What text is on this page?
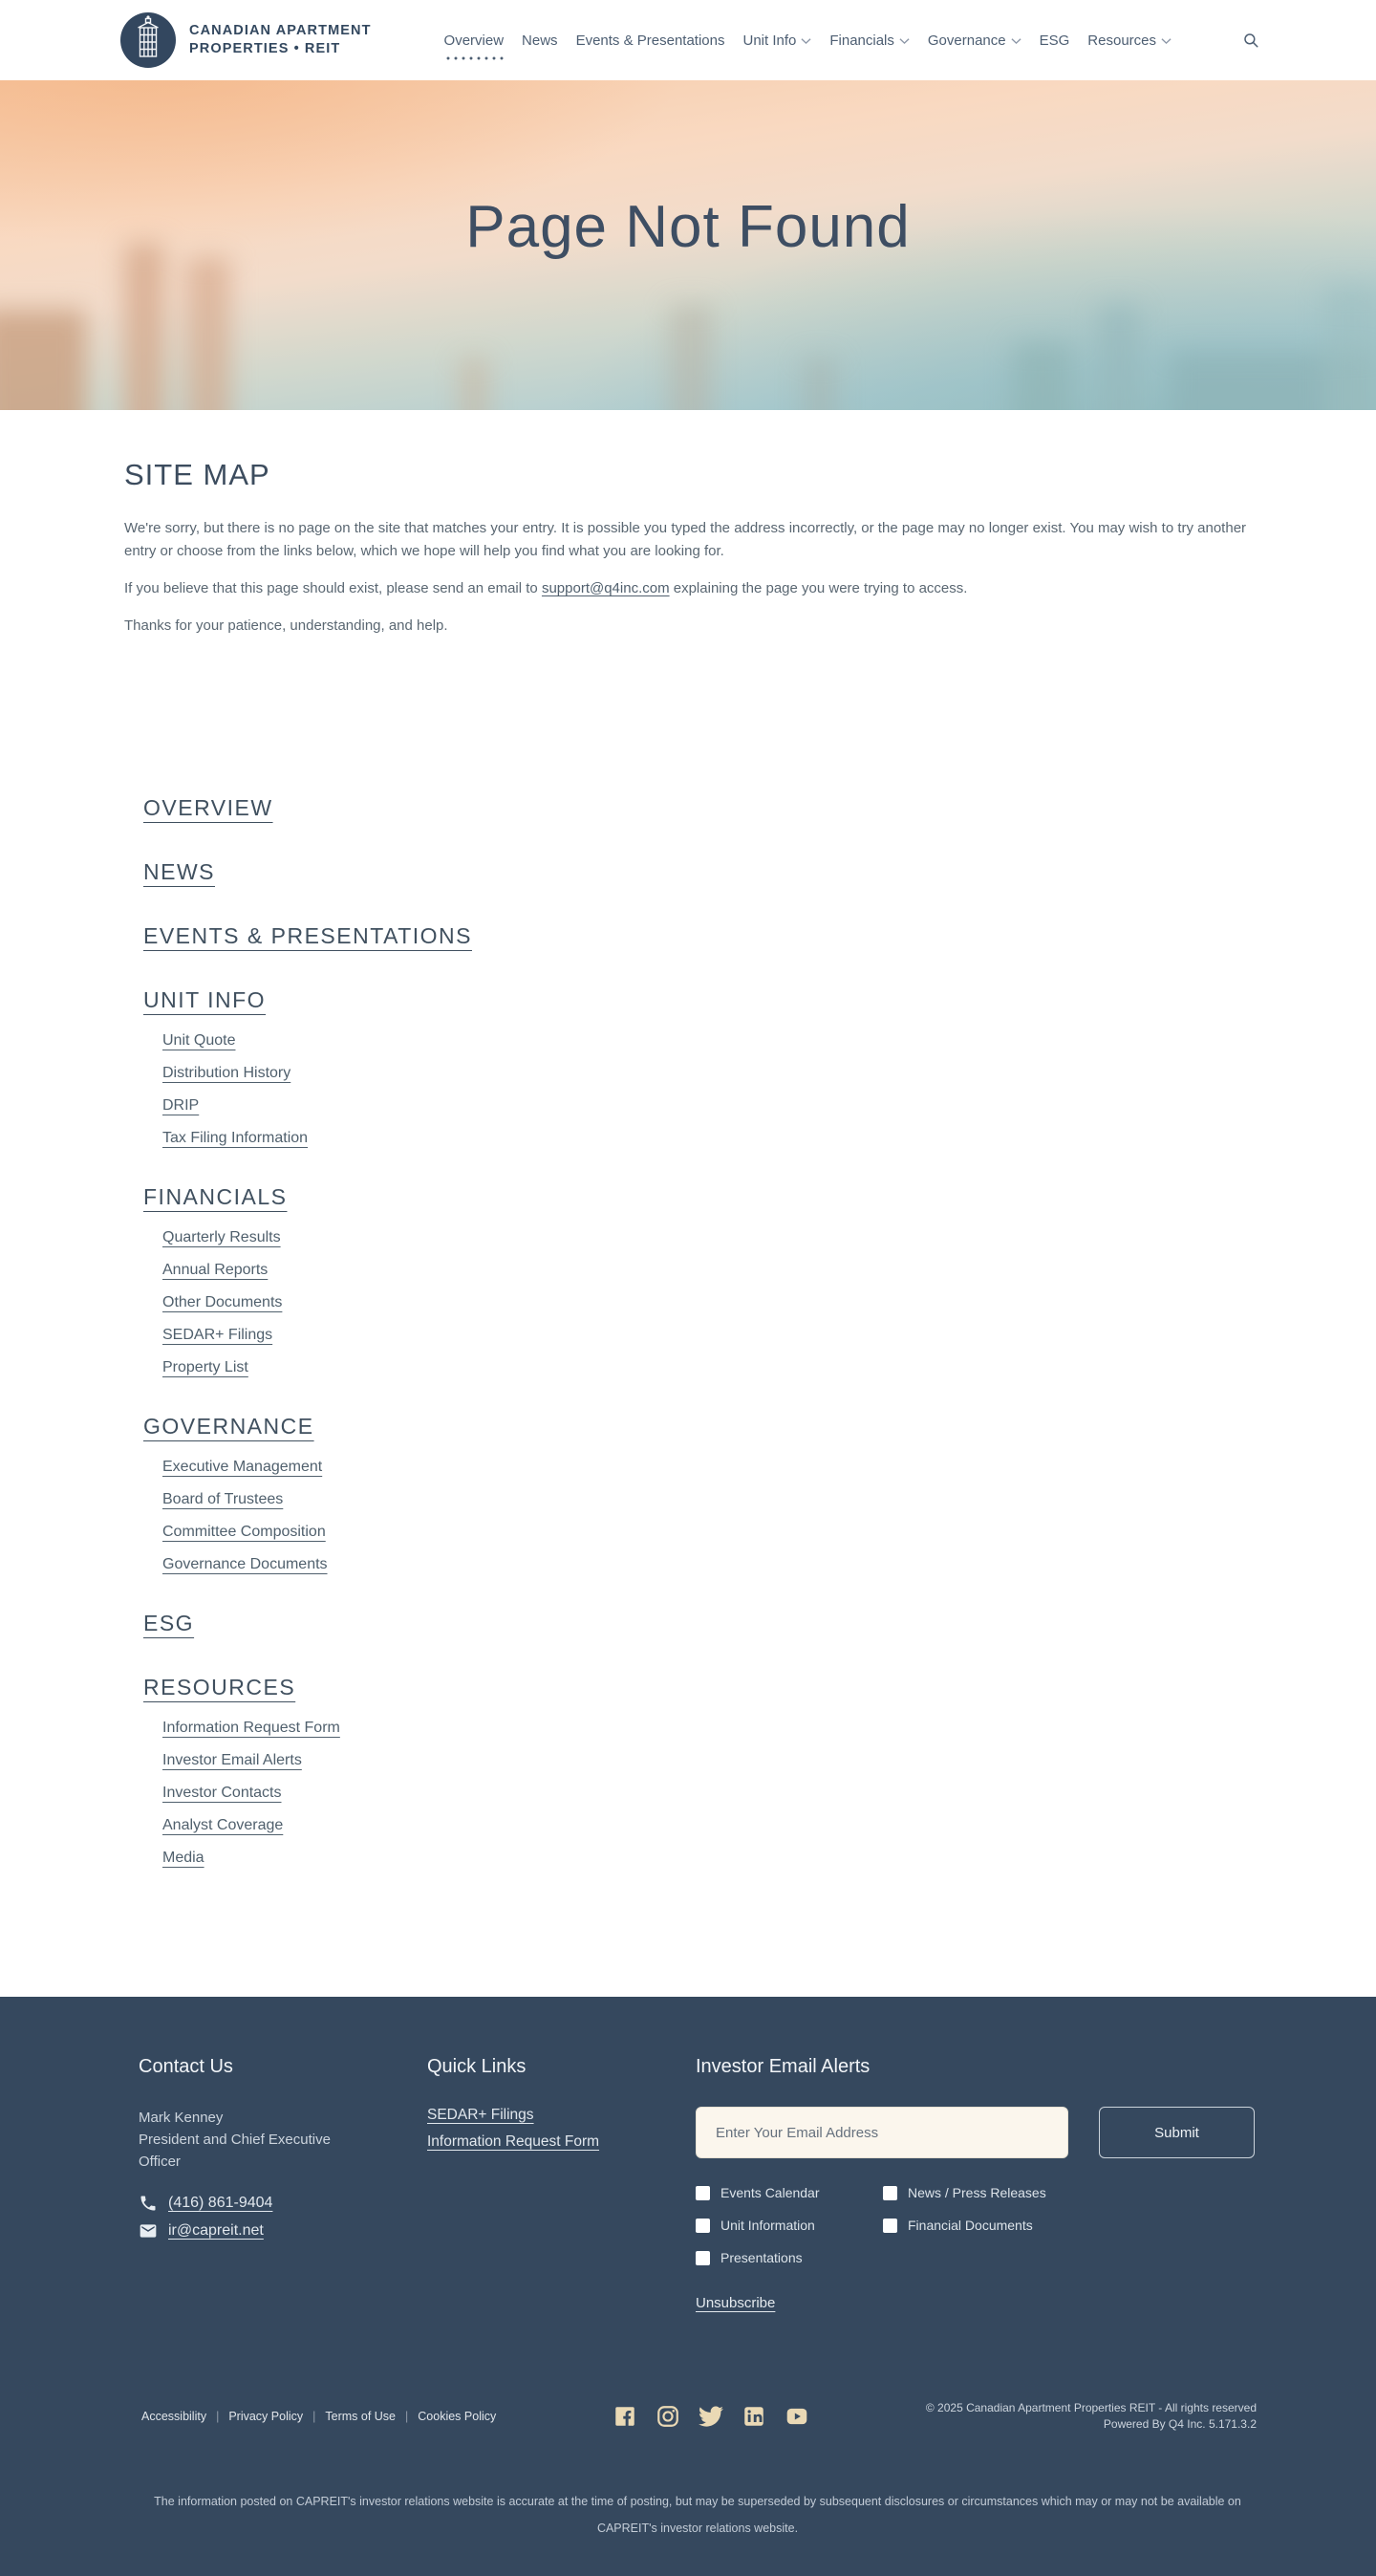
CANADIAN APARTMENT
PROPERTIES • REIT
Overview News Events & Presentations Unit Info Financials Governance ESG Resources
Page Not Found
SITE MAP

We're sorry, but there is no page on the site that matches your entry. It is possible you typed the address incorrectly, or the page may no longer exist. You may wish to try another entry or choose from the links below, which we hope will help you find what you are looking for.

If you believe that this page should exist, please send an email to support@q4inc.com explaining the page you were trying to access.

Thanks for your patience, understanding, and help.

OVERVIEW
NEWS
EVENTS & PRESENTATIONS
UNIT INFO
Unit Quote
Distribution History
DRIP
Tax Filing Information
FINANCIALS
Quarterly Results
Annual Reports
Other Documents
SEDAR+ Filings
Property List
GOVERNANCE
Executive Management
Board of Trustees
Committee Composition
Governance Documents
ESG
RESOURCES
Information Request Form
Investor Email Alerts
Investor Contacts
Analyst Coverage
Media
Contact Us

Mark Kenney

President and Chief Executive Officer

(416) 861-9404
ir@capreit.net
Quick Links
SEDAR+ Filings
Information Request Form
Investor Email Alerts
Enter Your Email Address
Submit
Events Calendar	News / Press Releases
Unit Information	Financial Documents
Presentations
Unsubscribe
Accessibility | Privacy Policy | Terms of Use | Cookies Policy
© 2025 Canadian Apartment Properties REIT - All rights reserved
Powered By Q4 Inc. 5.171.3.2
The information posted on CAPREIT's investor relations website is accurate at the time of posting, but may be superseded by subsequent disclosures or circumstances which may or may not be available on CAPREIT's investor relations website.
